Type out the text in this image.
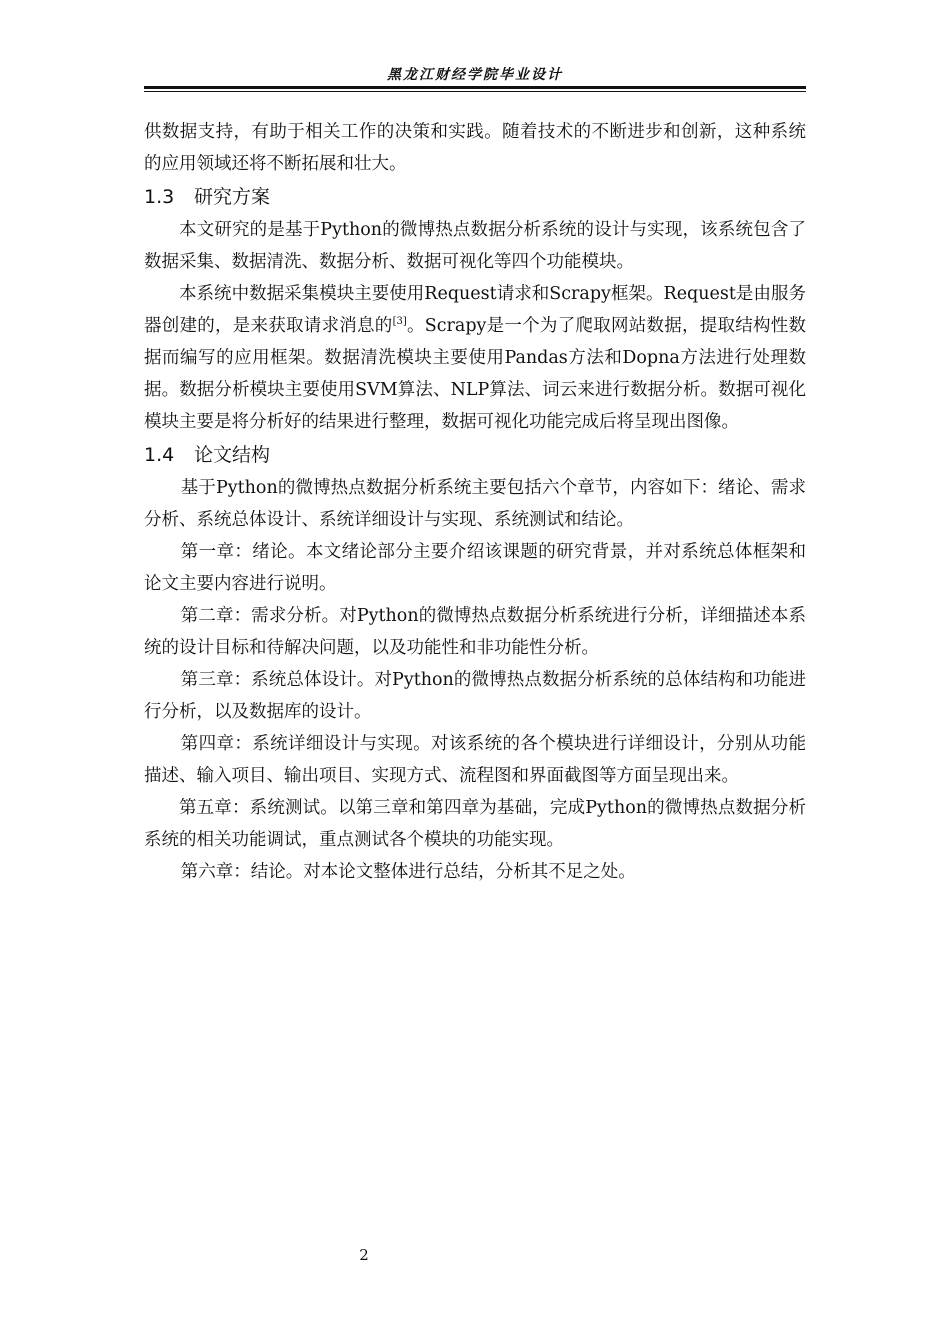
黑龙江财经学院毕业设计

供数据支持，有助于相关工作的决策和实践。随着技术的不断进步和创新，这种系统的应用领域还将不断拓展和壮大。

1.3 研究方案

本文研究的是基于Python的微博热点数据分析系统的设计与实现，该系统包含了数据采集、数据清洗、数据分析、数据可视化等四个功能模块。

本系统中数据采集模块主要使用Request请求和Scrapy框架。Request是由服务器创建的，是来获取请求消息的[3]。Scrapy是一个为了爬取网站数据，提取结构性数据而编写的应用框架。数据清洗模块主要使用Pandas方法和Dopna方法进行处理数据。数据分析模块主要使用SVM算法、NLP算法、词云来进行数据分析。数据可视化模块主要是将分析好的结果进行整理，数据可视化功能完成后将呈现出图像。

1.4 论文结构

基于Python的微博热点数据分析系统主要包括六个章节，内容如下：绪论、需求分析、系统总体设计、系统详细设计与实现、系统测试和结论。

第一章：绪论。本文绪论部分主要介绍该课题的研究背景，并对系统总体框架和论文主要内容进行说明。

第二章：需求分析。对Python的微博热点数据分析系统进行分析，详细描述本系统的设计目标和待解决问题，以及功能性和非功能性分析。

第三章：系统总体设计。对Python的微博热点数据分析系统的总体结构和功能进行分析，以及数据库的设计。

第四章：系统详细设计与实现。对该系统的各个模块进行详细设计，分别从功能描述、输入项目、输出项目、实现方式、流程图和界面截图等方面呈现出来。

第五章：系统测试。以第三章和第四章为基础，完成Python的微博热点数据分析系统的相关功能调试，重点测试各个模块的功能实现。

第六章：结论。对本论文整体进行总结，分析其不足之处。

2
